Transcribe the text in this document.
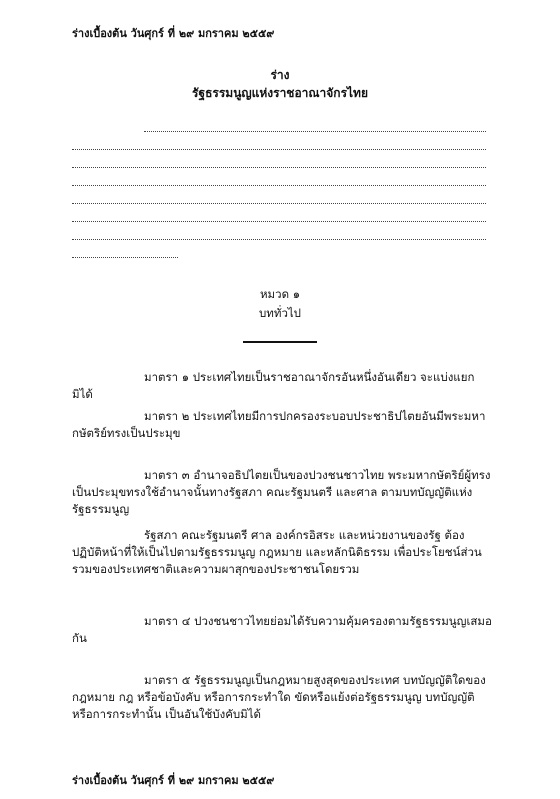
ร่างเบื้องต้น วันศุกร์ ที่ ๒๙ มกราคม ๒๕๕๙
ร่าง
รัฐธรรมนูญแห่งราชอาณาจักรไทย
หมวด ๑
บททั่วไป
มาตรา ๑ ประเทศไทยเป็นราชอาณาจักรอันหนึ่งอันเดียว จะแบ่งแยกมิได้
มาตรา ๒ ประเทศไทยมีการปกครองระบอบประชาธิปไตยอันมีพระมหากษัตริย์ทรงเป็นประมุข
มาตรา ๓ อำนาจอธิปไตยเป็นของปวงชนชาวไทย พระมหากษัตริย์ผู้ทรงเป็นประมุขทรงใช้อำนาจนั้นทางรัฐสภา คณะรัฐมนตรี และศาล ตามบทบัญญัติแห่งรัฐธรรมนูญ
รัฐสภา คณะรัฐมนตรี ศาล องค์กรอิสระ และหน่วยงานของรัฐ ต้องปฏิบัติหน้าที่ให้เป็นไปตามรัฐธรรมนูญ กฎหมาย และหลักนิติธรรม เพื่อประโยชน์ส่วนรวมของประเทศชาติและความผาสุกของประชาชนโดยรวม
มาตรา ๔ ปวงชนชาวไทยย่อมได้รับความคุ้มครองตามรัฐธรรมนูญเสมอกัน
มาตรา ๕ รัฐธรรมนูญเป็นกฎหมายสูงสุดของประเทศ บทบัญญัติใดของกฎหมาย กฎ หรือข้อบังคับ หรือการกระทำใด ขัดหรือแย้งต่อรัฐธรรมนูญ บทบัญญัติหรือการกระทำนั้น เป็นอันใช้บังคับมิได้
ร่างเบื้องต้น วันศุกร์ ที่ ๒๙ มกราคม ๒๕๕๙
